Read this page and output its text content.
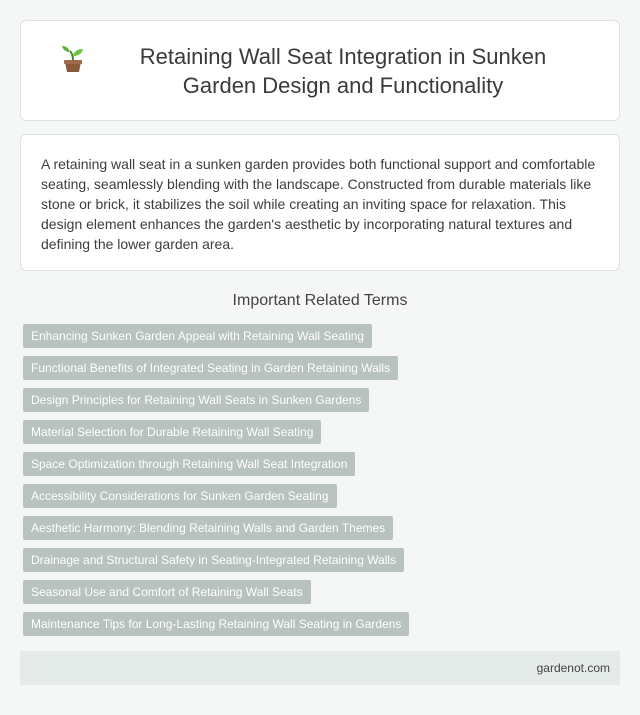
Retaining Wall Seat Integration in Sunken Garden Design and Functionality

A retaining wall seat in a sunken garden provides both functional support and comfortable seating, seamlessly blending with the landscape. Constructed from durable materials like stone or brick, it stabilizes the soil while creating an inviting space for relaxation. This design element enhances the garden's aesthetic by incorporating natural textures and defining the lower garden area.

Important Related Terms
Enhancing Sunken Garden Appeal with Retaining Wall Seating
Functional Benefits of Integrated Seating in Garden Retaining Walls
Design Principles for Retaining Wall Seats in Sunken Gardens
Material Selection for Durable Retaining Wall Seating
Space Optimization through Retaining Wall Seat Integration
Accessibility Considerations for Sunken Garden Seating
Aesthetic Harmony: Blending Retaining Walls and Garden Themes
Drainage and Structural Safety in Seating-Integrated Retaining Walls
Seasonal Use and Comfort of Retaining Wall Seats
Maintenance Tips for Long-Lasting Retaining Wall Seating in Gardens
gardenot.com
